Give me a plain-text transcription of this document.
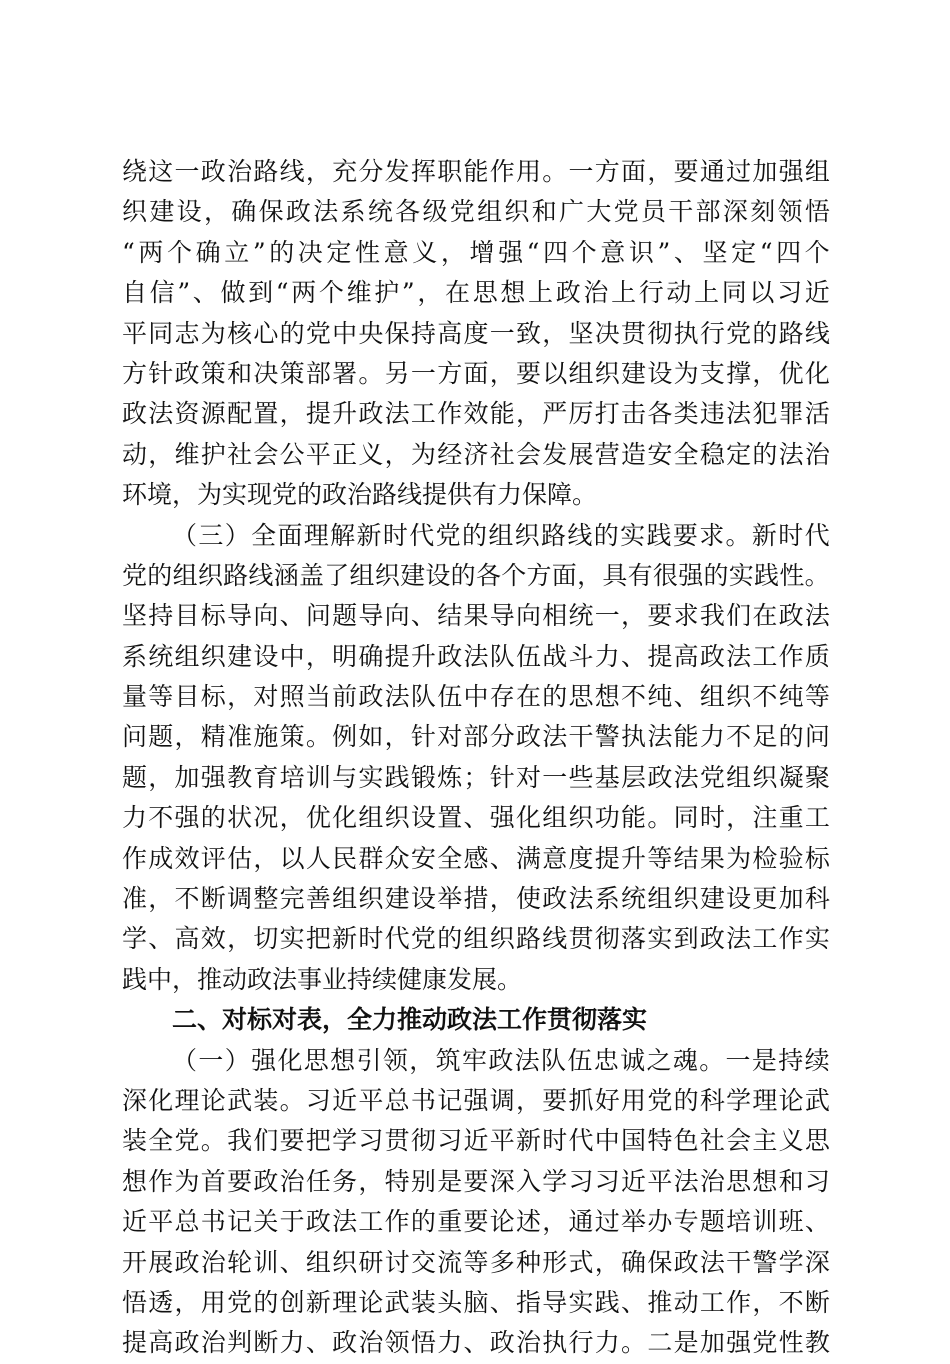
绕 这 一 政 治 路 线 ， 充 分 发 挥 职 能 作 用 。 一 方 面 ， 要 通 过 加 强 组
织 建 设 ， 确 保 政 法 系 统 各 级 党 组 织 和 广 大 党 员 干 部 深 刻 领 悟
“ 两 个 确 立 ” 的 决 定 性 意 义 ， 增 强 “ 四 个 意 识 ” 、 坚 定 “ 四 个
自 信 ” 、 做 到 “ 两 个 维 护 ” ， 在 思 想 上 政 治 上 行 动 上 同 以 习 近
平 同 志 为 核 心 的 党 中 央 保 持 高 度 一 致 ， 坚 决 贯 彻 执 行 党 的 路 线
方 针 政 策 和 决 策 部 署 。 另 一 方 面 ， 要 以 组 织 建 设 为 支 撑 ， 优 化
政 法 资 源 配 置 ， 提 升 政 法 工 作 效 能 ， 严 厉 打 击 各 类 违 法 犯 罪 活
动 ， 维 护 社 会 公 平 正 义 ， 为 经 济 社 会 发 展 营 造 安 全 稳 定 的 法 治
环境，为实现党的政治路线提供有力保障。
（ 三 ） 全 面 理 解 新 时 代 党 的 组 织 路 线 的 实 践 要 求 。 新 时 代
党 的 组 织 路 线 涵 盖 了 组 织 建 设 的 各 个 方 面 ， 具 有 很 强 的 实 践 性 。
坚 持 目 标 导 向 、 问 题 导 向 、 结 果 导 向 相 统 一 ， 要 求 我 们 在 政 法
系 统 组 织 建 设 中 ， 明 确 提 升 政 法 队 伍 战 斗 力 、 提 高 政 法 工 作 质
量 等 目 标 ， 对 照 当 前 政 法 队 伍 中 存 在 的 思 想 不 纯 、 组 织 不 纯 等
问 题 ， 精 准 施 策 。 例 如 ， 针 对 部 分 政 法 干 警 执 法 能 力 不 足 的 问
题 ， 加 强 教 育 培 训 与 实 践 锻 炼 ； 针 对 一 些 基 层 政 法 党 组 织 凝 聚
力 不 强 的 状 况 ， 优 化 组 织 设 置 、 强 化 组 织 功 能 。 同 时 ， 注 重 工
作 成 效 评 估 ， 以 人 民 群 众 安 全 感 、 满 意 度 提 升 等 结 果 为 检 验 标
准 ， 不 断 调 整 完 善 组 织 建 设 举 措 ， 使 政 法 系 统 组 织 建 设 更 加 科
学 、 高 效 ， 切 实 把 新 时 代 党 的 组 织 路 线 贯 彻 落 实 到 政 法 工 作 实
践中，推动政法事业持续健康发展。
二、对标对表，全力推动政法工作贯彻落实
（ 一 ） 强 化 思 想 引 领 ， 筑 牢 政 法 队 伍 忠 诚 之 魂 。 一 是 持 续
深 化 理 论 武 装 。 习 近 平 总 书 记 强 调 ， 要 抓 好 用 党 的 科 学 理 论 武
装 全 党 。 我 们 要 把 学 习 贯 彻 习 近 平 新 时 代 中 国 特 色 社 会 主 义 思
想 作 为 首 要 政 治 任 务 ， 特 别 是 要 深 入 学 习 习 近 平 法 治 思 想 和 习
近 平 总 书 记 关 于 政 法 工 作 的 重 要 论 述 ， 通 过 举 办 专 题 培 训 班 、
开 展 政 治 轮 训 、 组 织 研 讨 交 流 等 多 种 形 式 ， 确 保 政 法 干 警 学 深
悟 透 ， 用 党 的 创 新 理 论 武 装 头 脑 、 指 导 实 践 、 推 动 工 作 ， 不 断
提 高 政 治 判 断 力 、 政 治 领 悟 力 、 政 治 执 行 力 。 二 是 加 强 党 性 教
